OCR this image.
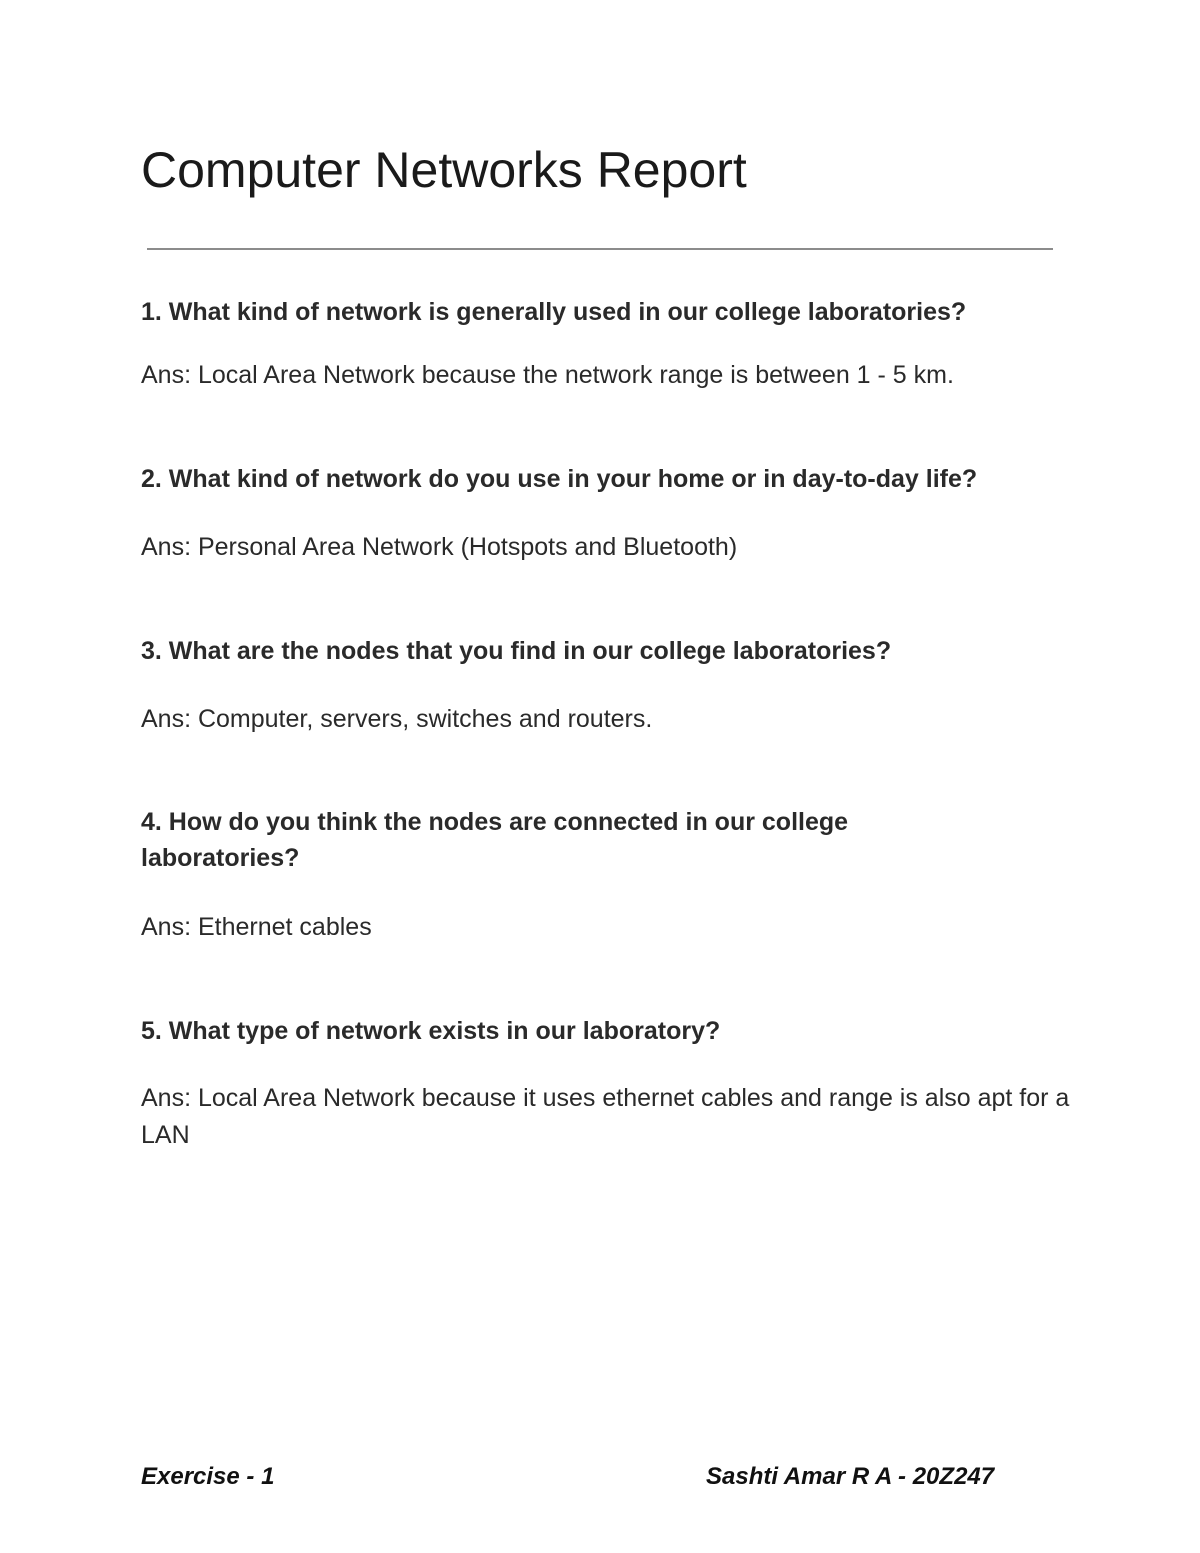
Computer Networks Report

1. What kind of network is generally used in our college laboratories?

Ans: Local Area Network because the network range is between 1 - 5 km.

2. What kind of network do you use in your home or in day-to-day life?

Ans: Personal Area Network (Hotspots and Bluetooth)

3. What are the nodes that you find in our college laboratories?

Ans: Computer, servers, switches and routers.

4. How do you think the nodes are connected in our college laboratories?

Ans: Ethernet cables

5. What type of network exists in our laboratory?

Ans: Local Area Network because it uses ethernet cables and range is also apt for a LAN

Exercise - 1	Sashti Amar R A - 20Z247
